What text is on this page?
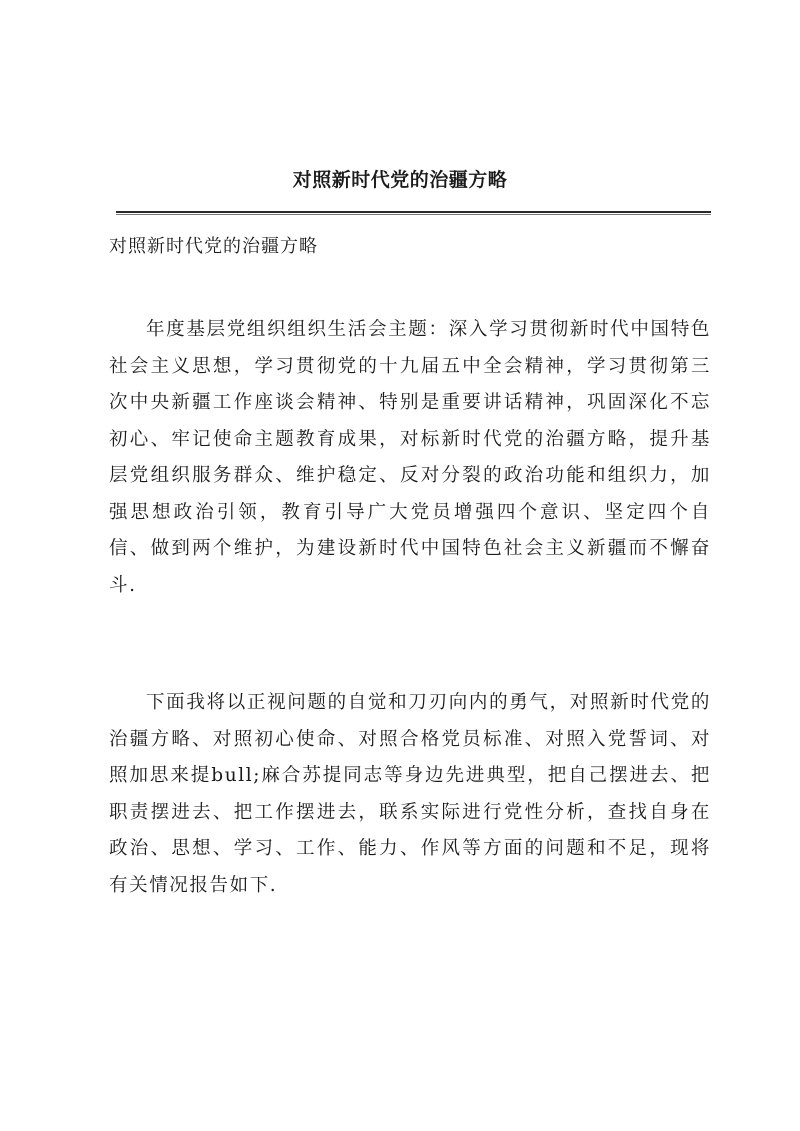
对照新时代党的治疆方略
对照新时代党的治疆方略

年度基层党组织组织生活会主题：深入学习贯彻新时代中国特色社会主义思想，学习贯彻党的十九届五中全会精神，学习贯彻第三次中央新疆工作座谈会精神、特别是重要讲话精神，巩固深化不忘初心、牢记使命主题教育成果，对标新时代党的治疆方略，提升基层党组织服务群众、维护稳定、反对分裂的政治功能和组织力，加强思想政治引领，教育引导广大党员增强四个意识、坚定四个自信、做到两个维护，为建设新时代中国特色社会主义新疆而不懈奋斗.

下面我将以正视问题的自觉和刀刃向内的勇气，对照新时代党的治疆方略、对照初心使命、对照合格党员标准、对照入党誓词、对照加思来提bull;麻合苏提同志等身边先进典型，把自己摆进去、把职责摆进去、把工作摆进去，联系实际进行党性分析，查找自身在政治、思想、学习、工作、能力、作风等方面的问题和不足，现将有关情况报告如下.
